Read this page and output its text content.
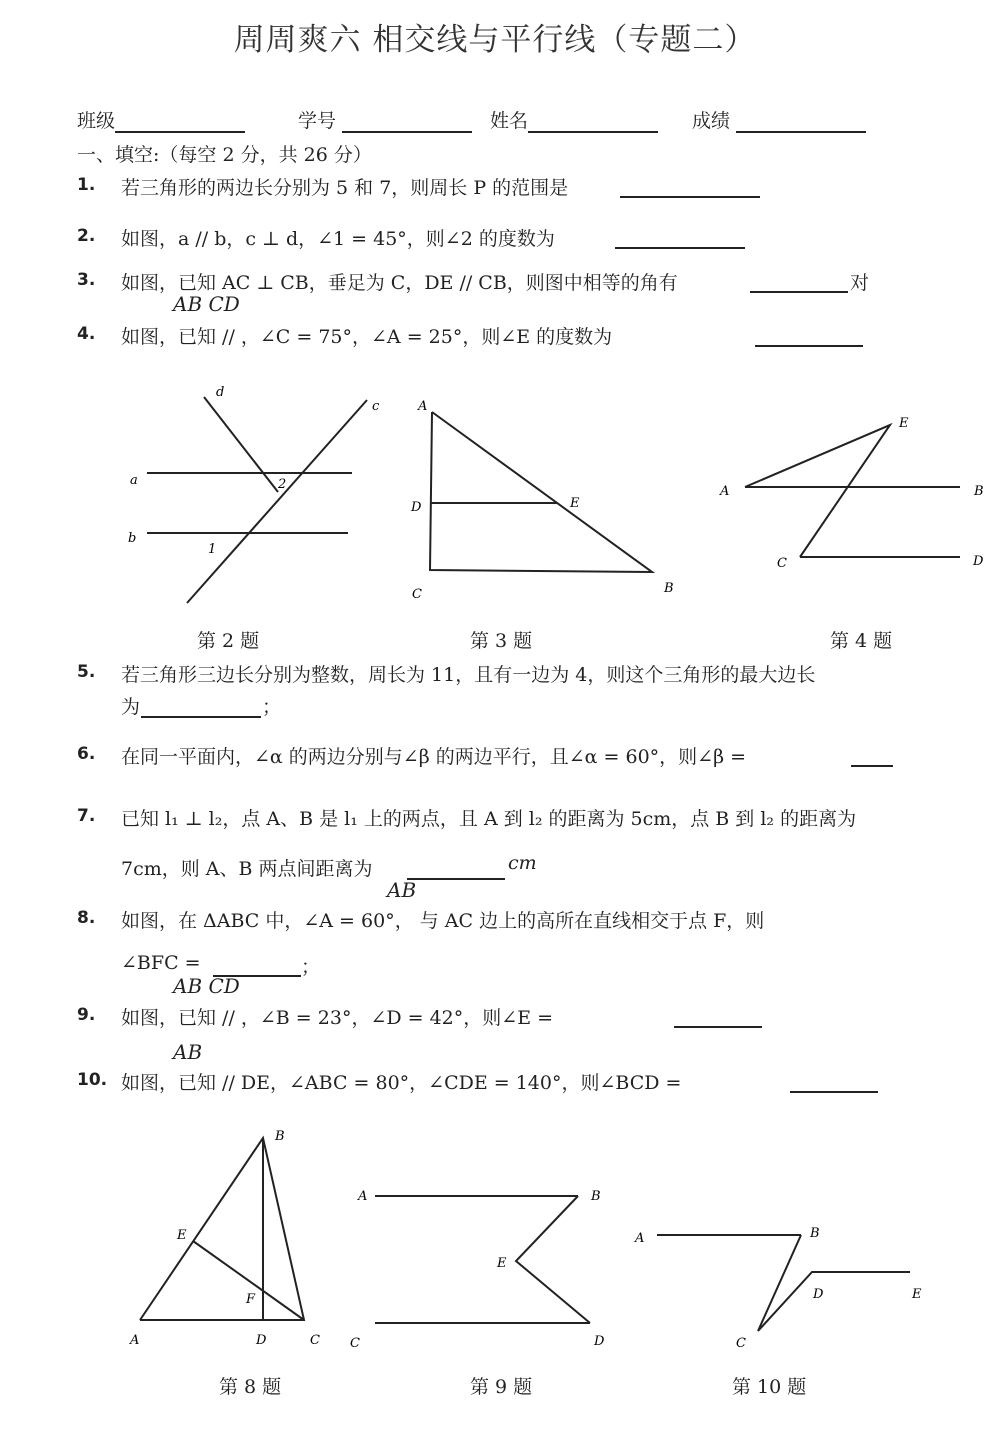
周周爽六 相交线与平行线（专题二）
班级	学号	姓名	成绩
一、填空:（每空 2 分，共 26 分）
1. 若三角形的两边长分别为 5 和 7，则周长 P 的范围是
2. 如图，a // b，c ⊥ d，∠1 = 45°，则∠2 的度数为
3. 如图，已知 AC ⊥ CB，垂足为 C，DE // CB，则图中相等的角有	对
AB CD
4. 如图，已知 // ，∠C = 75°，∠A = 25°，则∠E 的度数为
a
b
c
d
1
2
A
D	E
C	B
A	B
C	D
E
第 2 题	第 3 题	第 4 题
5. 若三角形三边长分别为整数，周长为 11，且有一边为 4，则这个三角形的最大边长
为	；
6. 在同一平面内，∠α 的两边分别与∠β 的两边平行，且∠α = 60°，则∠β =
7. 已知 l₁ ⊥ l₂，点 A、B 是 l₁ 上的两点，且 A 到 l₂ 的距离为 5cm，点 B 到 l₂ 的距离为
7cm，则 A、B 两点间距离为	cm
AB
8. 如图，在 ΔABC 中，∠A = 60°， 与 AC 边上的高所在直线相交于点 F，则
∠BFC =	；
AB CD
9. 如图，已知 // ，∠B = 23°，∠D = 42°，则∠E =
AB
10. 如图，已知 // DE，∠ABC = 80°，∠CDE = 140°，则∠BCD =
A
B
C
D
E
F
A	B
C	D
E
A	B
C
D	E
第 8 题	第 9 题	第 10 题
